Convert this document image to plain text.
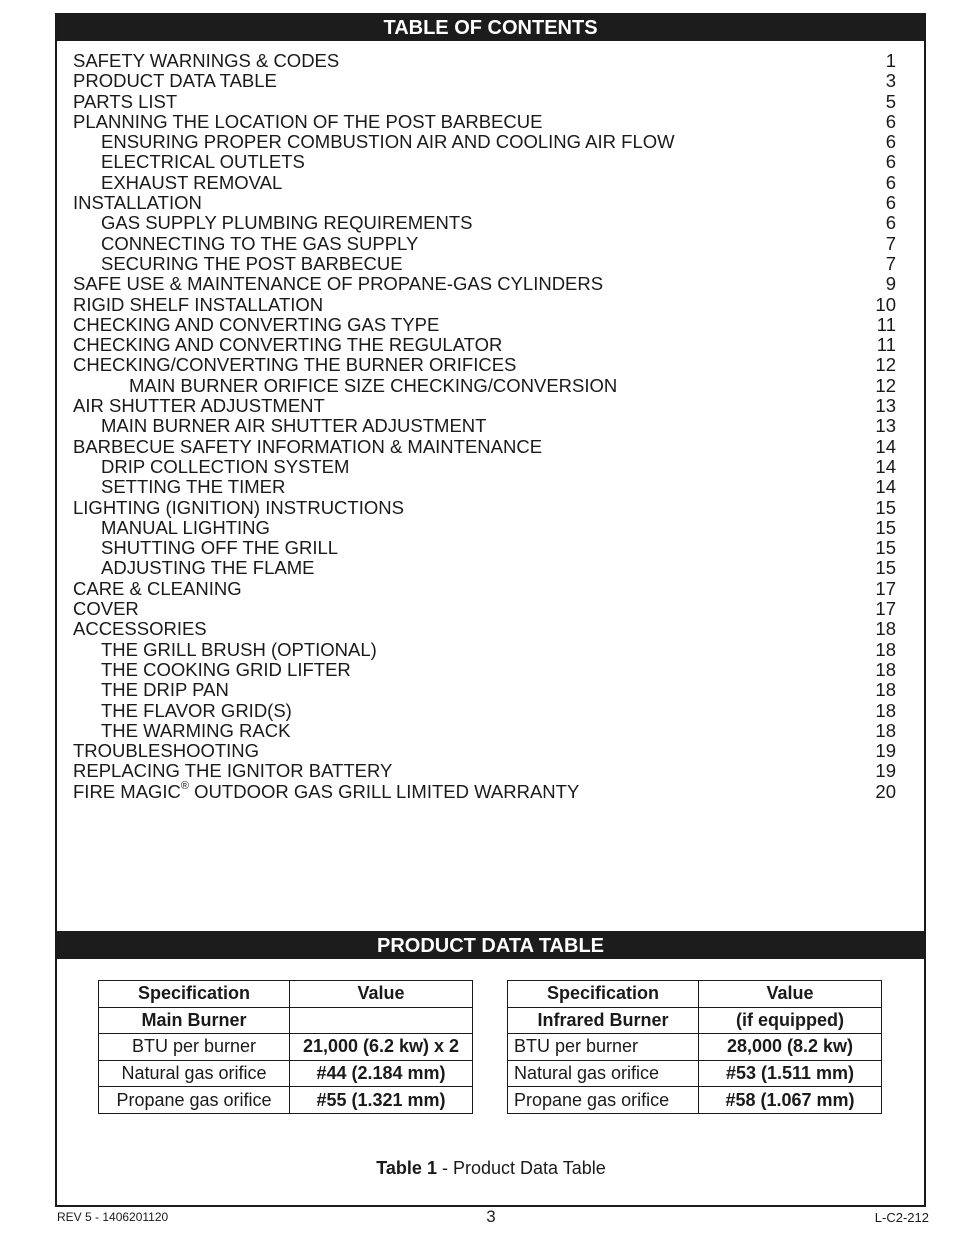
TABLE OF CONTENTS
SAFETY WARNINGS & CODES	1
PRODUCT DATA TABLE	3
PARTS LIST	5
PLANNING THE LOCATION OF THE POST BARBECUE	6
ENSURING PROPER COMBUSTION AIR AND COOLING AIR FLOW	6
ELECTRICAL OUTLETS	6
EXHAUST REMOVAL	6
INSTALLATION	6
GAS SUPPLY PLUMBING REQUIREMENTS	6
CONNECTING TO THE GAS SUPPLY	7
SECURING THE POST BARBECUE	7
SAFE USE & MAINTENANCE OF PROPANE-GAS CYLINDERS	9
RIGID SHELF INSTALLATION	10
CHECKING AND CONVERTING GAS TYPE	11
CHECKING AND CONVERTING THE REGULATOR	11
CHECKING/CONVERTING THE BURNER ORIFICES	12
MAIN BURNER ORIFICE SIZE CHECKING/CONVERSION	12
AIR SHUTTER ADJUSTMENT	13
MAIN BURNER AIR SHUTTER ADJUSTMENT	13
BARBECUE SAFETY INFORMATION & MAINTENANCE	14
DRIP COLLECTION SYSTEM	14
SETTING THE TIMER	14
LIGHTING (IGNITION) INSTRUCTIONS	15
MANUAL LIGHTING	15
SHUTTING OFF THE GRILL	15
ADJUSTING THE FLAME	15
CARE & CLEANING	17
COVER	17
ACCESSORIES	18
THE GRILL BRUSH (OPTIONAL)	18
THE COOKING GRID LIFTER	18
THE DRIP PAN	18
THE FLAVOR GRID(S)	18
THE WARMING RACK	18
TROUBLESHOOTING	19
REPLACING THE IGNITOR BATTERY	19
FIRE MAGIC® OUTDOOR GAS GRILL LIMITED WARRANTY	20
PRODUCT DATA TABLE
Specification	Value
Main Burner	
BTU per burner	21,000 (6.2 kw) x 2
Natural gas orifice	#44 (2.184 mm)
Propane gas orifice	#55 (1.321 mm)
Specification	Value
Infrared Burner	(if equipped)
BTU per burner	28,000 (8.2 kw)
Natural gas orifice	#53 (1.511 mm)
Propane gas orifice	#58 (1.067 mm)
Table 1 - Product Data Table
REV 5 - 1406201120	3	L-C2-212
